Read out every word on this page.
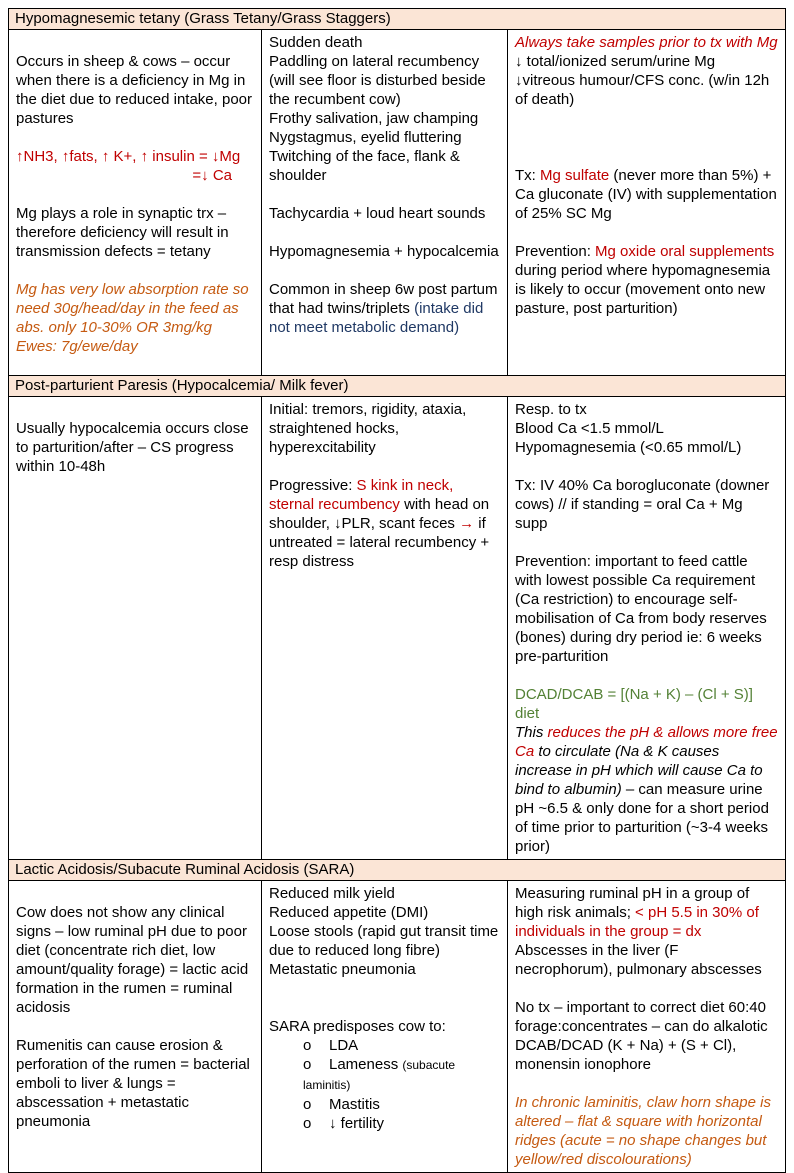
Hypomagnesemic tetany (Grass Tetany/Grass Staggers)

Occurs in sheep & cows – occur when there is a deficiency in Mg in the diet due to reduced intake, poor pastures

↑NH3, ↑fats, ↑ K+, ↑ insulin = ↓Mg
=↓ Ca

Mg plays a role in synaptic trx – therefore deficiency will result in transmission defects = tetany

Mg has very low absorption rate so need 30g/head/day in the feed as abs. only 10-30% OR 3mg/kg
Ewes: 7g/ewe/day
Sudden death
Paddling on lateral recumbency (will see floor is disturbed beside the recumbent cow)
Frothy salivation, jaw champing
Nygstagmus, eyelid fluttering
Twitching of the face, flank & shoulder

Tachycardia + loud heart sounds

Hypomagnesemia + hypocalcemia

Common in sheep 6w post partum that had twins/triplets (intake did not meet metabolic demand)
Always take samples prior to tx with Mg
↓ total/ionized serum/urine Mg
↓vitreous humour/CFS conc. (w/in 12h of death)

Tx: Mg sulfate (never more than 5%) + Ca gluconate (IV) with supplementation of 25% SC Mg

Prevention: Mg oxide oral supplements during period where hypomagnesemia is likely to occur (movement onto new pasture, post parturition)
Post-parturient Paresis (Hypocalcemia/ Milk fever)

Usually hypocalcemia occurs close to parturition/after – CS progress within 10-48h
Initial: tremors, rigidity, ataxia, straightened hocks, hyperexcitability

Progressive: S kink in neck, sternal recumbency with head on shoulder, ↓PLR, scant feces → if untreated = lateral recumbency + resp distress
Resp. to tx
Blood Ca <1.5 mmol/L
Hypomagnesemia (<0.65 mmol/L)

Tx: IV 40% Ca borogluconate (downer cows) // if standing = oral Ca + Mg supp

Prevention: important to feed cattle with lowest possible Ca requirement (Ca restriction) to encourage self-mobilisation of Ca from body reserves (bones) during dry period ie: 6 weeks pre-parturition

DCAD/DCAB = [(Na + K) – (Cl + S)] diet
This reduces the pH & allows more free Ca to circulate (Na & K causes increase in pH which will cause Ca to bind to albumin) – can measure urine pH ~6.5 & only done for a short period of time prior to parturition (~3-4 weeks prior)
Lactic Acidosis/Subacute Ruminal Acidosis (SARA)

Cow does not show any clinical signs – low ruminal pH due to poor diet (concentrate rich diet, low amount/quality forage) = lactic acid formation in the rumen = ruminal acidosis

Rumenitis can cause erosion & perforation of the rumen = bacterial emboli to liver & lungs = abscessation + metastatic pneumonia
Reduced milk yield
Reduced appetite (DMI)
Loose stools (rapid gut transit time due to reduced long fibre)
Metastatic pneumonia

SARA predisposes cow to:
o LDA
o Lameness (subacute laminitis)
o Mastitis
o ↓ fertility
Measuring ruminal pH in a group of high risk animals; < pH 5.5 in 30% of individuals in the group = dx
Abscesses in the liver (F necrophorum), pulmonary abscesses

No tx – important to correct diet 60:40 forage:concentrates – can do alkalotic DCAB/DCAD (K + Na) + (S + Cl), monensin ionophore

In chronic laminitis, claw horn shape is altered – flat & square with horizontal ridges (acute = no shape changes but yellow/red discolourations)
